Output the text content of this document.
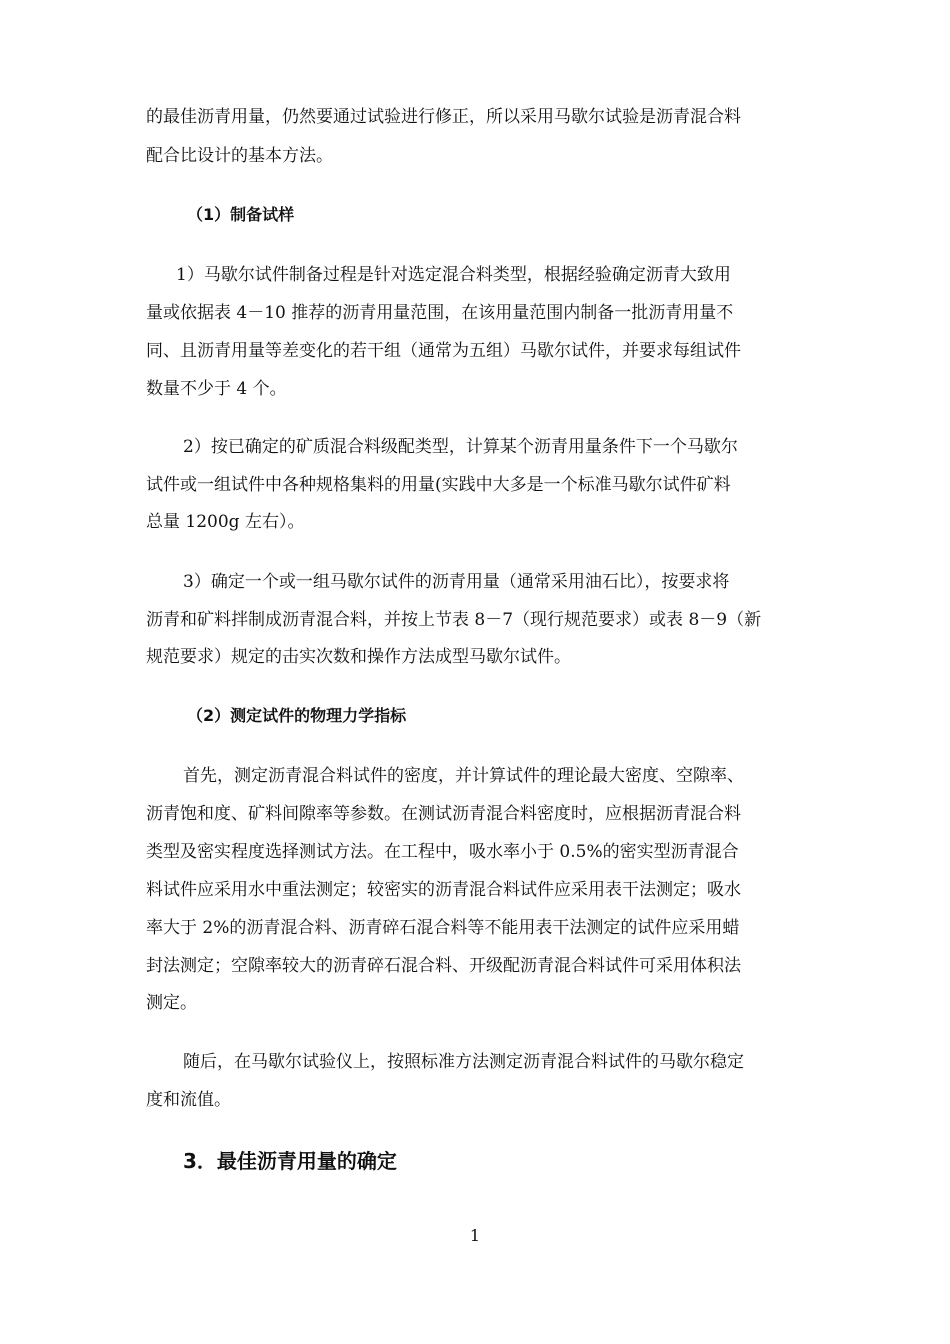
的最佳沥青用量，仍然要通过试验进行修正，所以采用马歇尔试验是沥青混合料
配合比设计的基本方法。
（1）制备试样
1）马歇尔试件制备过程是针对选定混合料类型，根据经验确定沥青大致用
量或依据表 4－10 推荐的沥青用量范围，在该用量范围内制备一批沥青用量不
同、且沥青用量等差变化的若干组（通常为五组）马歇尔试件，并要求每组试件
数量不少于 4 个。
2）按已确定的矿质混合料级配类型，计算某个沥青用量条件下一个马歇尔
试件或一组试件中各种规格集料的用量(实践中大多是一个标准马歇尔试件矿料
总量 1200g 左右）。
3）确定一个或一组马歇尔试件的沥青用量（通常采用油石比），按要求将
沥青和矿料拌制成沥青混合料，并按上节表 8－7（现行规范要求）或表 8－9（新
规范要求）规定的击实次数和操作方法成型马歇尔试件。
（2）测定试件的物理力学指标
首先，测定沥青混合料试件的密度，并计算试件的理论最大密度、空隙率、
沥青饱和度、矿料间隙率等参数。在测试沥青混合料密度时，应根据沥青混合料
类型及密实程度选择测试方法。在工程中，吸水率小于 0.5%的密实型沥青混合
料试件应采用水中重法测定；较密实的沥青混合料试件应采用表干法测定；吸水
率大于 2%的沥青混合料、沥青碎石混合料等不能用表干法测定的试件应采用蜡
封法测定；空隙率较大的沥青碎石混合料、开级配沥青混合料试件可采用体积法
测定。
随后，在马歇尔试验仪上，按照标准方法测定沥青混合料试件的马歇尔稳定
度和流值。
3．最佳沥青用量的确定
1
